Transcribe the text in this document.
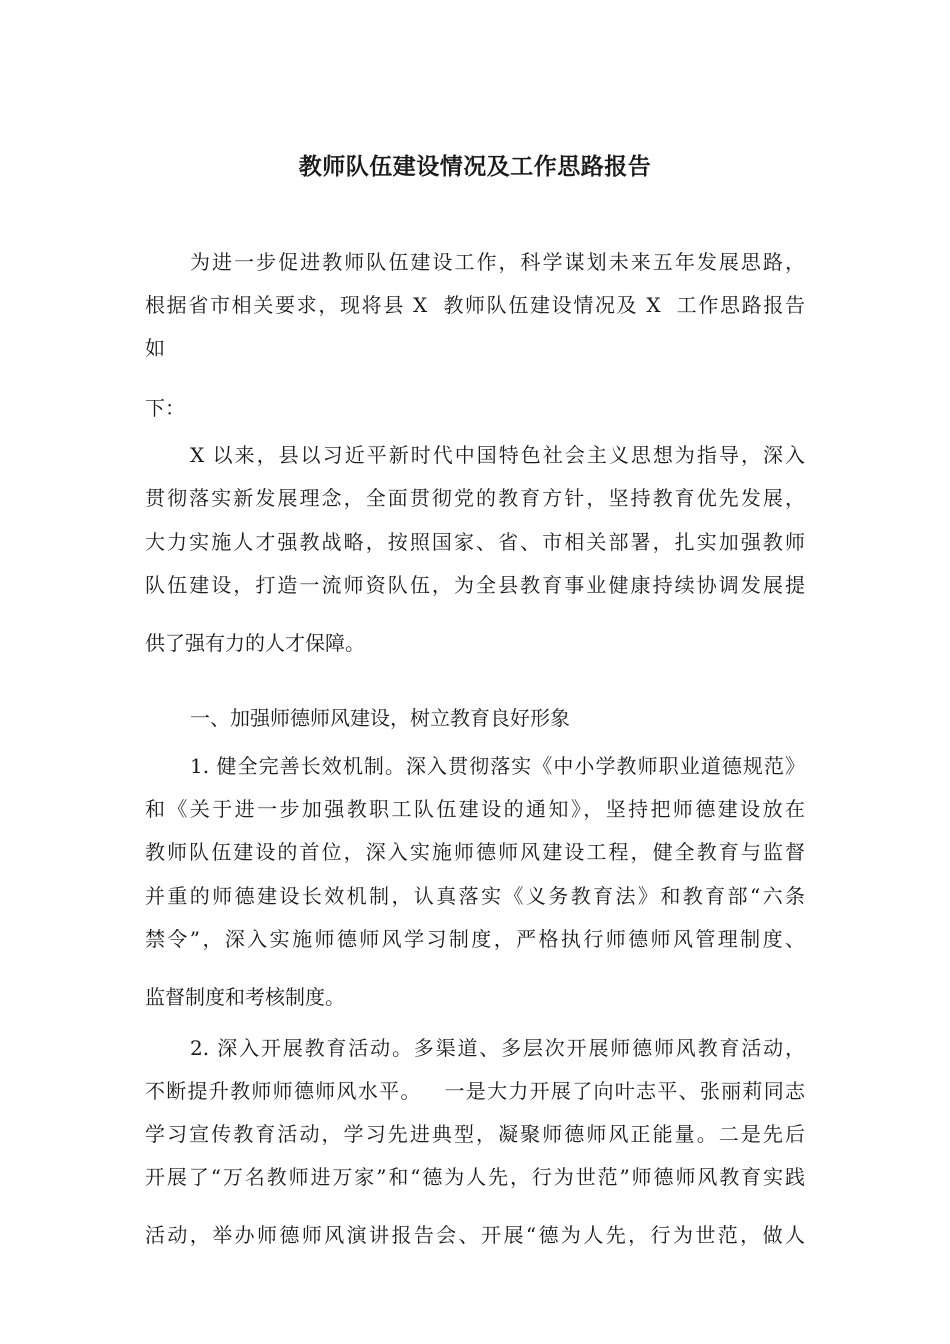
教师队伍建设情况及工作思路报告

为进一步促进教师队伍建设工作，科学谋划未来五年发展思路，

根据省市相关要求，现将县 X  教师队伍建设情况及 X  工作思路报告

如

下：

X 以来，县以习近平新时代中国特色社会主义思想为指导，深入

贯彻落实新发展理念，全面贯彻党的教育方针，坚持教育优先发展，

大力实施人才强教战略，按照国家、省、市相关部署，扎实加强教师

队伍建设，打造一流师资队伍，为全县教育事业健康持续协调发展提

供了强有力的人才保障。

一、加强师德师风建设，树立教育良好形象

1. 健全完善长效机制。深入贯彻落实《中小学教师职业道德规范》

和《关于进一步加强教职工队伍建设的通知》，坚持把师德建设放在

教师队伍建设的首位，深入实施师德师风建设工程，健全教育与监督

并重的师德建设长效机制，认真落实《义务教育法》和教育部“六条

禁令”，深入实施师德师风学习制度，严格执行师德师风管理制度、

监督制度和考核制度。

2. 深入开展教育活动。多渠道、多层次开展师德师风教育活动，

不断提升教师师德师风水平。   一是大力开展了向叶志平、张丽莉同志

学习宣传教育活动，学习先进典型，凝聚师德师风正能量。二是先后

开展了“万名教师进万家”和“德为人先，行为世范”师德师风教育实践

活动，举办师德师风演讲报告会、开展“德为人先，行为世范，做人
